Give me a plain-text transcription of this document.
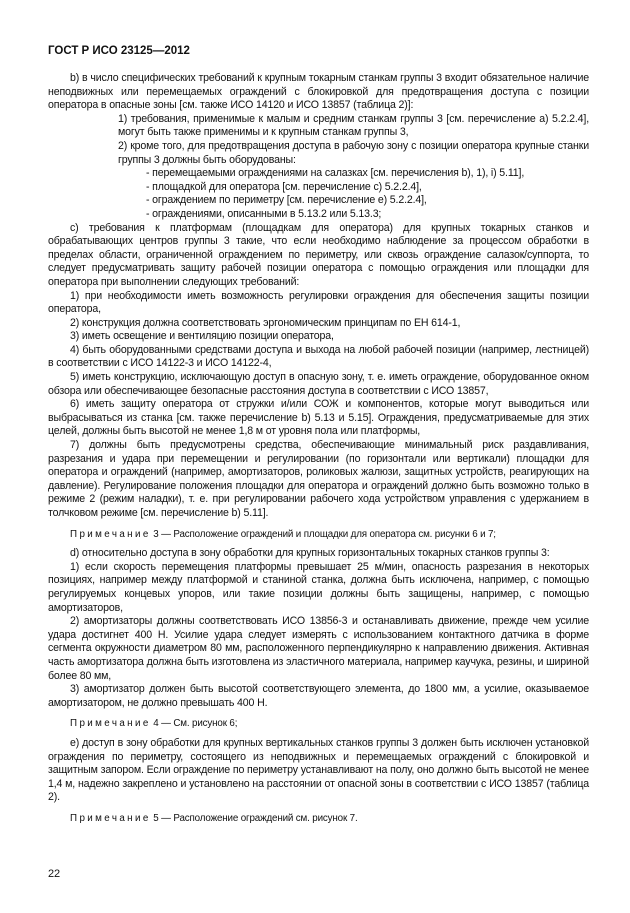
ГОСТ Р ИСО 23125—2012

b) в число специфических требований к крупным токарным станкам группы 3 входит обязательное наличие неподвижных или перемещаемых ограждений с блокировкой для предотвращения доступа с позиции оператора в опасные зоны [см. также ИСО 14120 и ИСО 13857 (таблица 2)]:

1) требования, применимые к малым и средним станкам группы 3 [см. перечисление а) 5.2.2.4], могут быть также применимы и к крупным станкам группы 3,

2) кроме того, для предотвращения доступа в рабочую зону с позиции оператора крупные станки группы 3 должны быть оборудованы:

- перемещаемыми ограждениями на салазках [см. перечисления b), 1), i) 5.11],

- площадкой для оператора [см. перечисление с) 5.2.2.4],

- ограждением по периметру [см. перечисление е) 5.2.2.4],

- ограждениями, описанными в 5.13.2 или 5.13.3;

с) требования к платформам (площадкам для оператора) для крупных токарных станков и обрабатывающих центров группы 3 такие, что если необходимо наблюдение за процессом обработки в пределах области, ограниченной ограждением по периметру, или сквозь ограждение салазок/суппорта, то следует предусматривать защиту рабочей позиции оператора с помощью ограждения или площадки для оператора при выполнении следующих требований:

1) при необходимости иметь возможность регулировки ограждения для обеспечения защиты позиции оператора,

2) конструкция должна соответствовать эргономическим принципам по ЕН 614-1,

3) иметь освещение и вентиляцию позиции оператора,

4) быть оборудованными средствами доступа и выхода на любой рабочей позиции (например, лестницей) в соответствии с ИСО 14122-3 и ИСО 14122-4,

5) иметь конструкцию, исключающую доступ в опасную зону, т. е. иметь ограждение, оборудованное окном обзора или обеспечивающее безопасные расстояния доступа в соответствии с ИСО 13857,

6) иметь защиту оператора от стружки и/или СОЖ и компонентов, которые могут выводиться или выбрасываться из станка [см. также перечисление b) 5.13 и 5.15]. Ограждения, предусматриваемые для этих целей, должны быть высотой не менее 1,8 м от уровня пола или платформы,

7) должны быть предусмотрены средства, обеспечивающие минимальный риск раздавливания, разрезания и удара при перемещении и регулировании (по горизонтали или вертикали) площадки для оператора и ограждений (например, амортизаторов, роликовых жалюзи, защитных устройств, реагирующих на давление). Регулирование положения площадки для оператора и ограждений должно быть возможно только в режиме 2 (режим наладки), т. е. при регулировании рабочего хода устройством управления с удержанием в толчковом режиме [см. перечисление b) 5.11].

Примечание 3 — Расположение ограждений и площадки для оператора см. рисунки 6 и 7;

d) относительно доступа в зону обработки для крупных горизонтальных токарных станков группы 3:

1) если скорость перемещения платформы превышает 25 м/мин, опасность разрезания в некоторых позициях, например между платформой и станиной станка, должна быть исключена, например, с помощью регулируемых концевых упоров, или такие позиции должны быть защищены, например, с помощью амортизаторов,

2) амортизаторы должны соответствовать ИСО 13856-3 и останавливать движение, прежде чем усилие удара достигнет 400 Н. Усилие удара следует измерять с использованием контактного датчика в форме сегмента окружности диаметром 80 мм, расположенного перпендикулярно к направлению движения. Активная часть амортизатора должна быть изготовлена из эластичного материала, например каучука, резины, и шириной более 80 мм,

3) амортизатор должен быть высотой соответствующего элемента, до 1800 мм, а усилие, оказываемое амортизатором, не должно превышать 400 Н.

Примечание 4 — См. рисунок 6;

е) доступ в зону обработки для крупных вертикальных станков группы 3 должен быть исключен установкой ограждения по периметру, состоящего из неподвижных и перемещаемых ограждений с блокировкой и защитным запором. Если ограждение по периметру устанавливают на полу, оно должно быть высотой не менее 1,4 м, надежно закреплено и установлено на расстоянии от опасной зоны в соответствии с ИСО 13857 (таблица 2).

Примечание 5 — Расположение ограждений см. рисунок 7.

22
